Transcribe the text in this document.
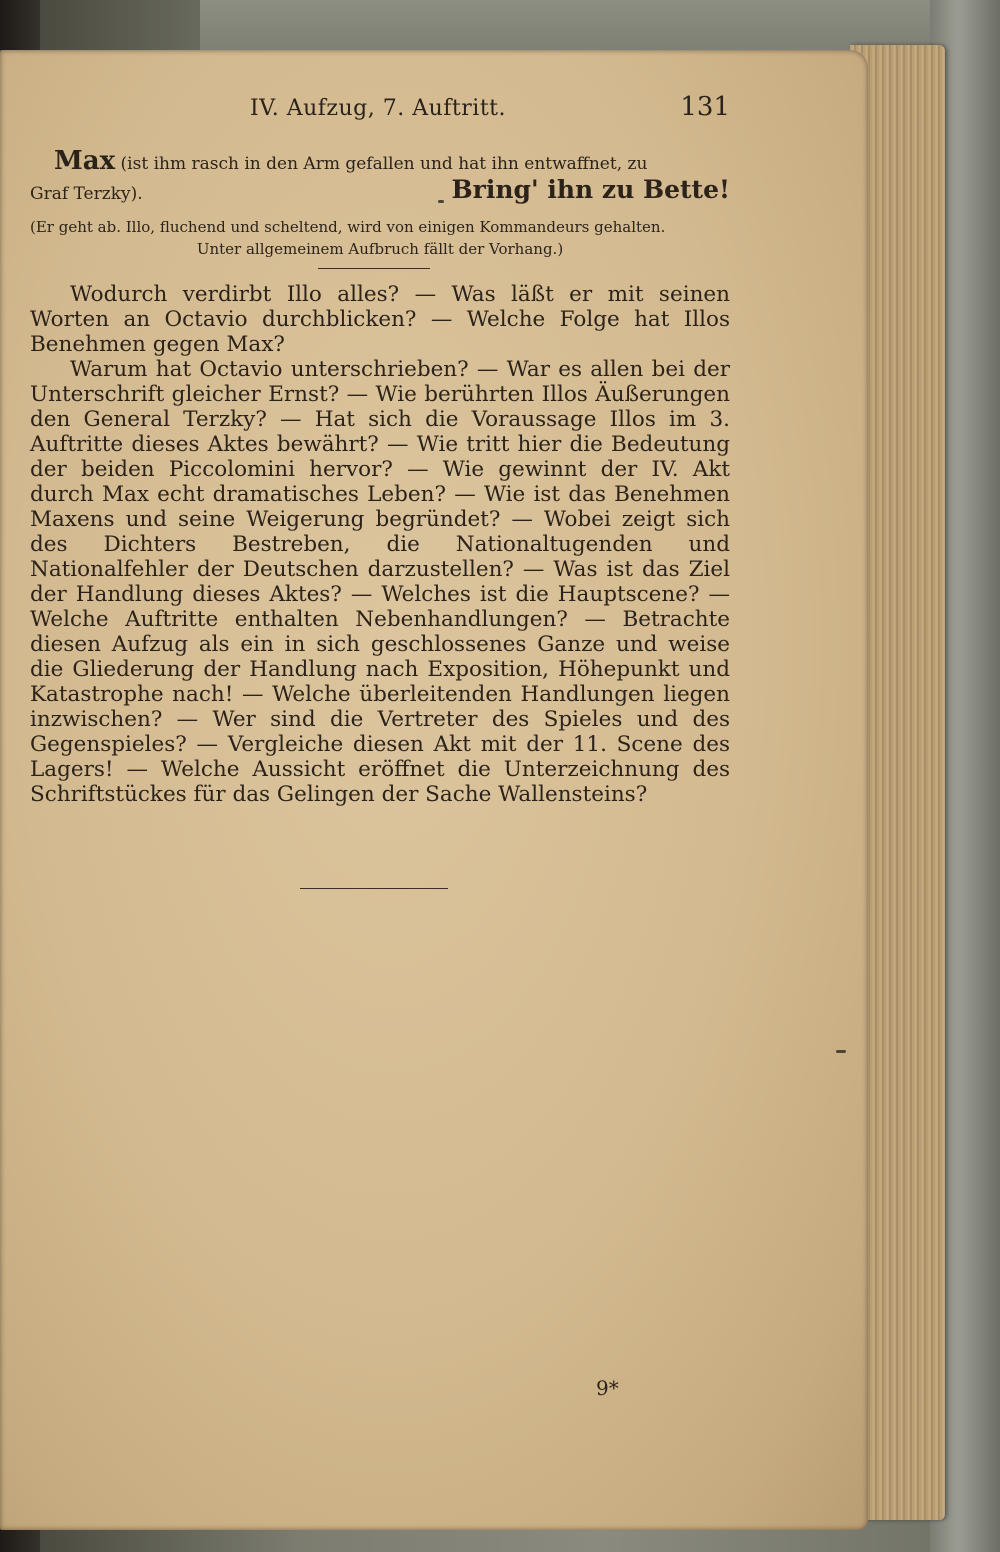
IV. Aufzug, 7. Auftritt.	131
Max (ist ihm rasch in den Arm gefallen und hat ihn entwaffnet, zu
Graf Terzky).	Bring' ihn zu Bette!
(Er geht ab. Illo, fluchend und scheltend, wird von einigen Kommandeurs gehalten.
Unter allgemeinem Aufbruch fällt der Vorhang.)

Wodurch verdirbt Illo alles? — Was läßt er mit seinen Worten an Octavio durchblicken? — Welche Folge hat Illos Benehmen gegen Max?

Warum hat Octavio unterschrieben? — War es allen bei der Unterschrift gleicher Ernst? — Wie berührten Illos Äußerungen den General Terzky? — Hat sich die Voraussage Illos im 3. Auftritte dieses Aktes bewährt? — Wie tritt hier die Bedeutung der beiden Piccolomini hervor? — Wie gewinnt der IV. Akt durch Max echt dramatisches Leben? — Wie ist das Benehmen Maxens und seine Weigerung begründet? — Wobei zeigt sich des Dichters Bestreben, die Nationaltugenden und Nationalfehler der Deutschen darzustellen? — Was ist das Ziel der Handlung dieses Aktes? — Welches ist die Hauptscene? — Welche Auftritte enthalten Nebenhandlungen? — Betrachte diesen Aufzug als ein in sich geschlossenes Ganze und weise die Gliederung der Handlung nach Exposition, Höhepunkt und Katastrophe nach! — Welche überleitenden Handlungen liegen inzwischen? — Wer sind die Vertreter des Spieles und des Gegenspieles? — Vergleiche diesen Akt mit der 11. Scene des Lagers! — Welche Aussicht eröffnet die Unterzeichnung des Schriftstückes für das Gelingen der Sache Wallensteins?

9*
